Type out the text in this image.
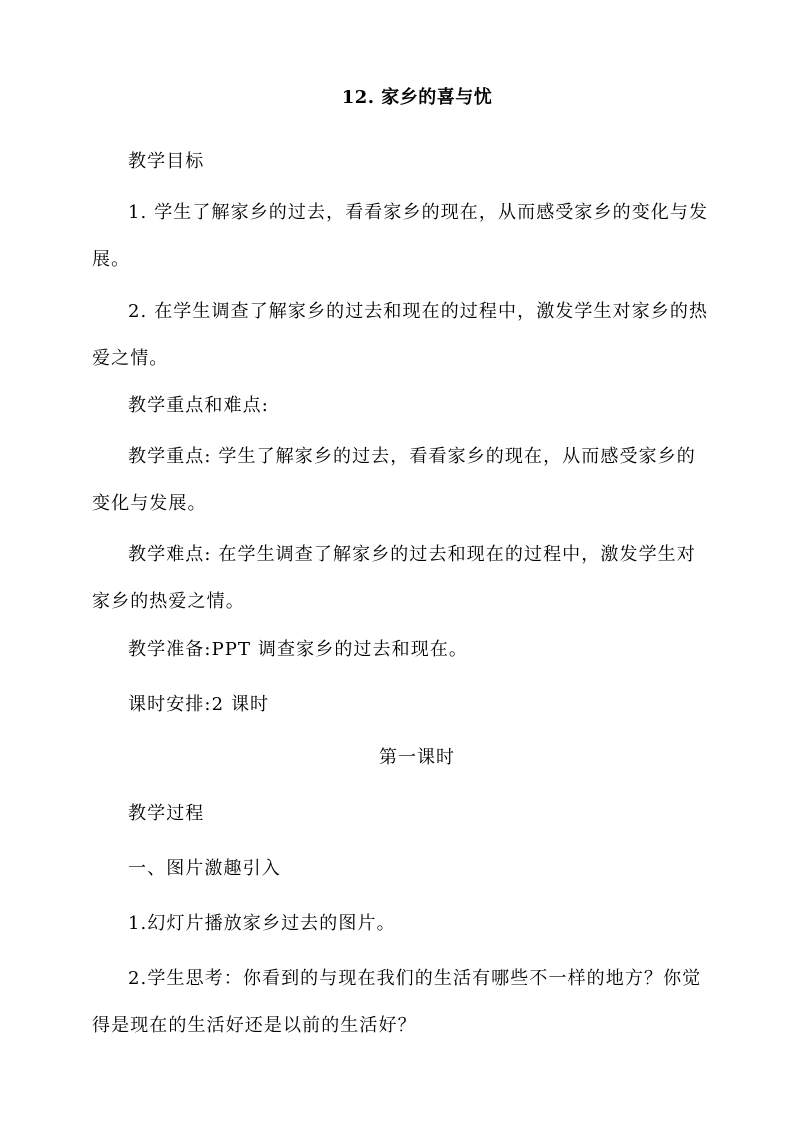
12. 家乡的喜与忧
教学目标
1. 学生了解家乡的过去，看看家乡的现在，从而感受家乡的变化与发展。
2. 在学生调查了解家乡的过去和现在的过程中，激发学生对家乡的热爱之情。
教学重点和难点:
教学重点: 学生了解家乡的过去，看看家乡的现在，从而感受家乡的变化与发展。
教学难点: 在学生调查了解家乡的过去和现在的过程中，激发学生对家乡的热爱之情。
教学准备:PPT 调查家乡的过去和现在。
课时安排:2 课时
第一课时
教学过程
一、图片激趣引入
1.幻灯片播放家乡过去的图片。
2.学生思考：你看到的与现在我们的生活有哪些不一样的地方？你觉得是现在的生活好还是以前的生活好？
